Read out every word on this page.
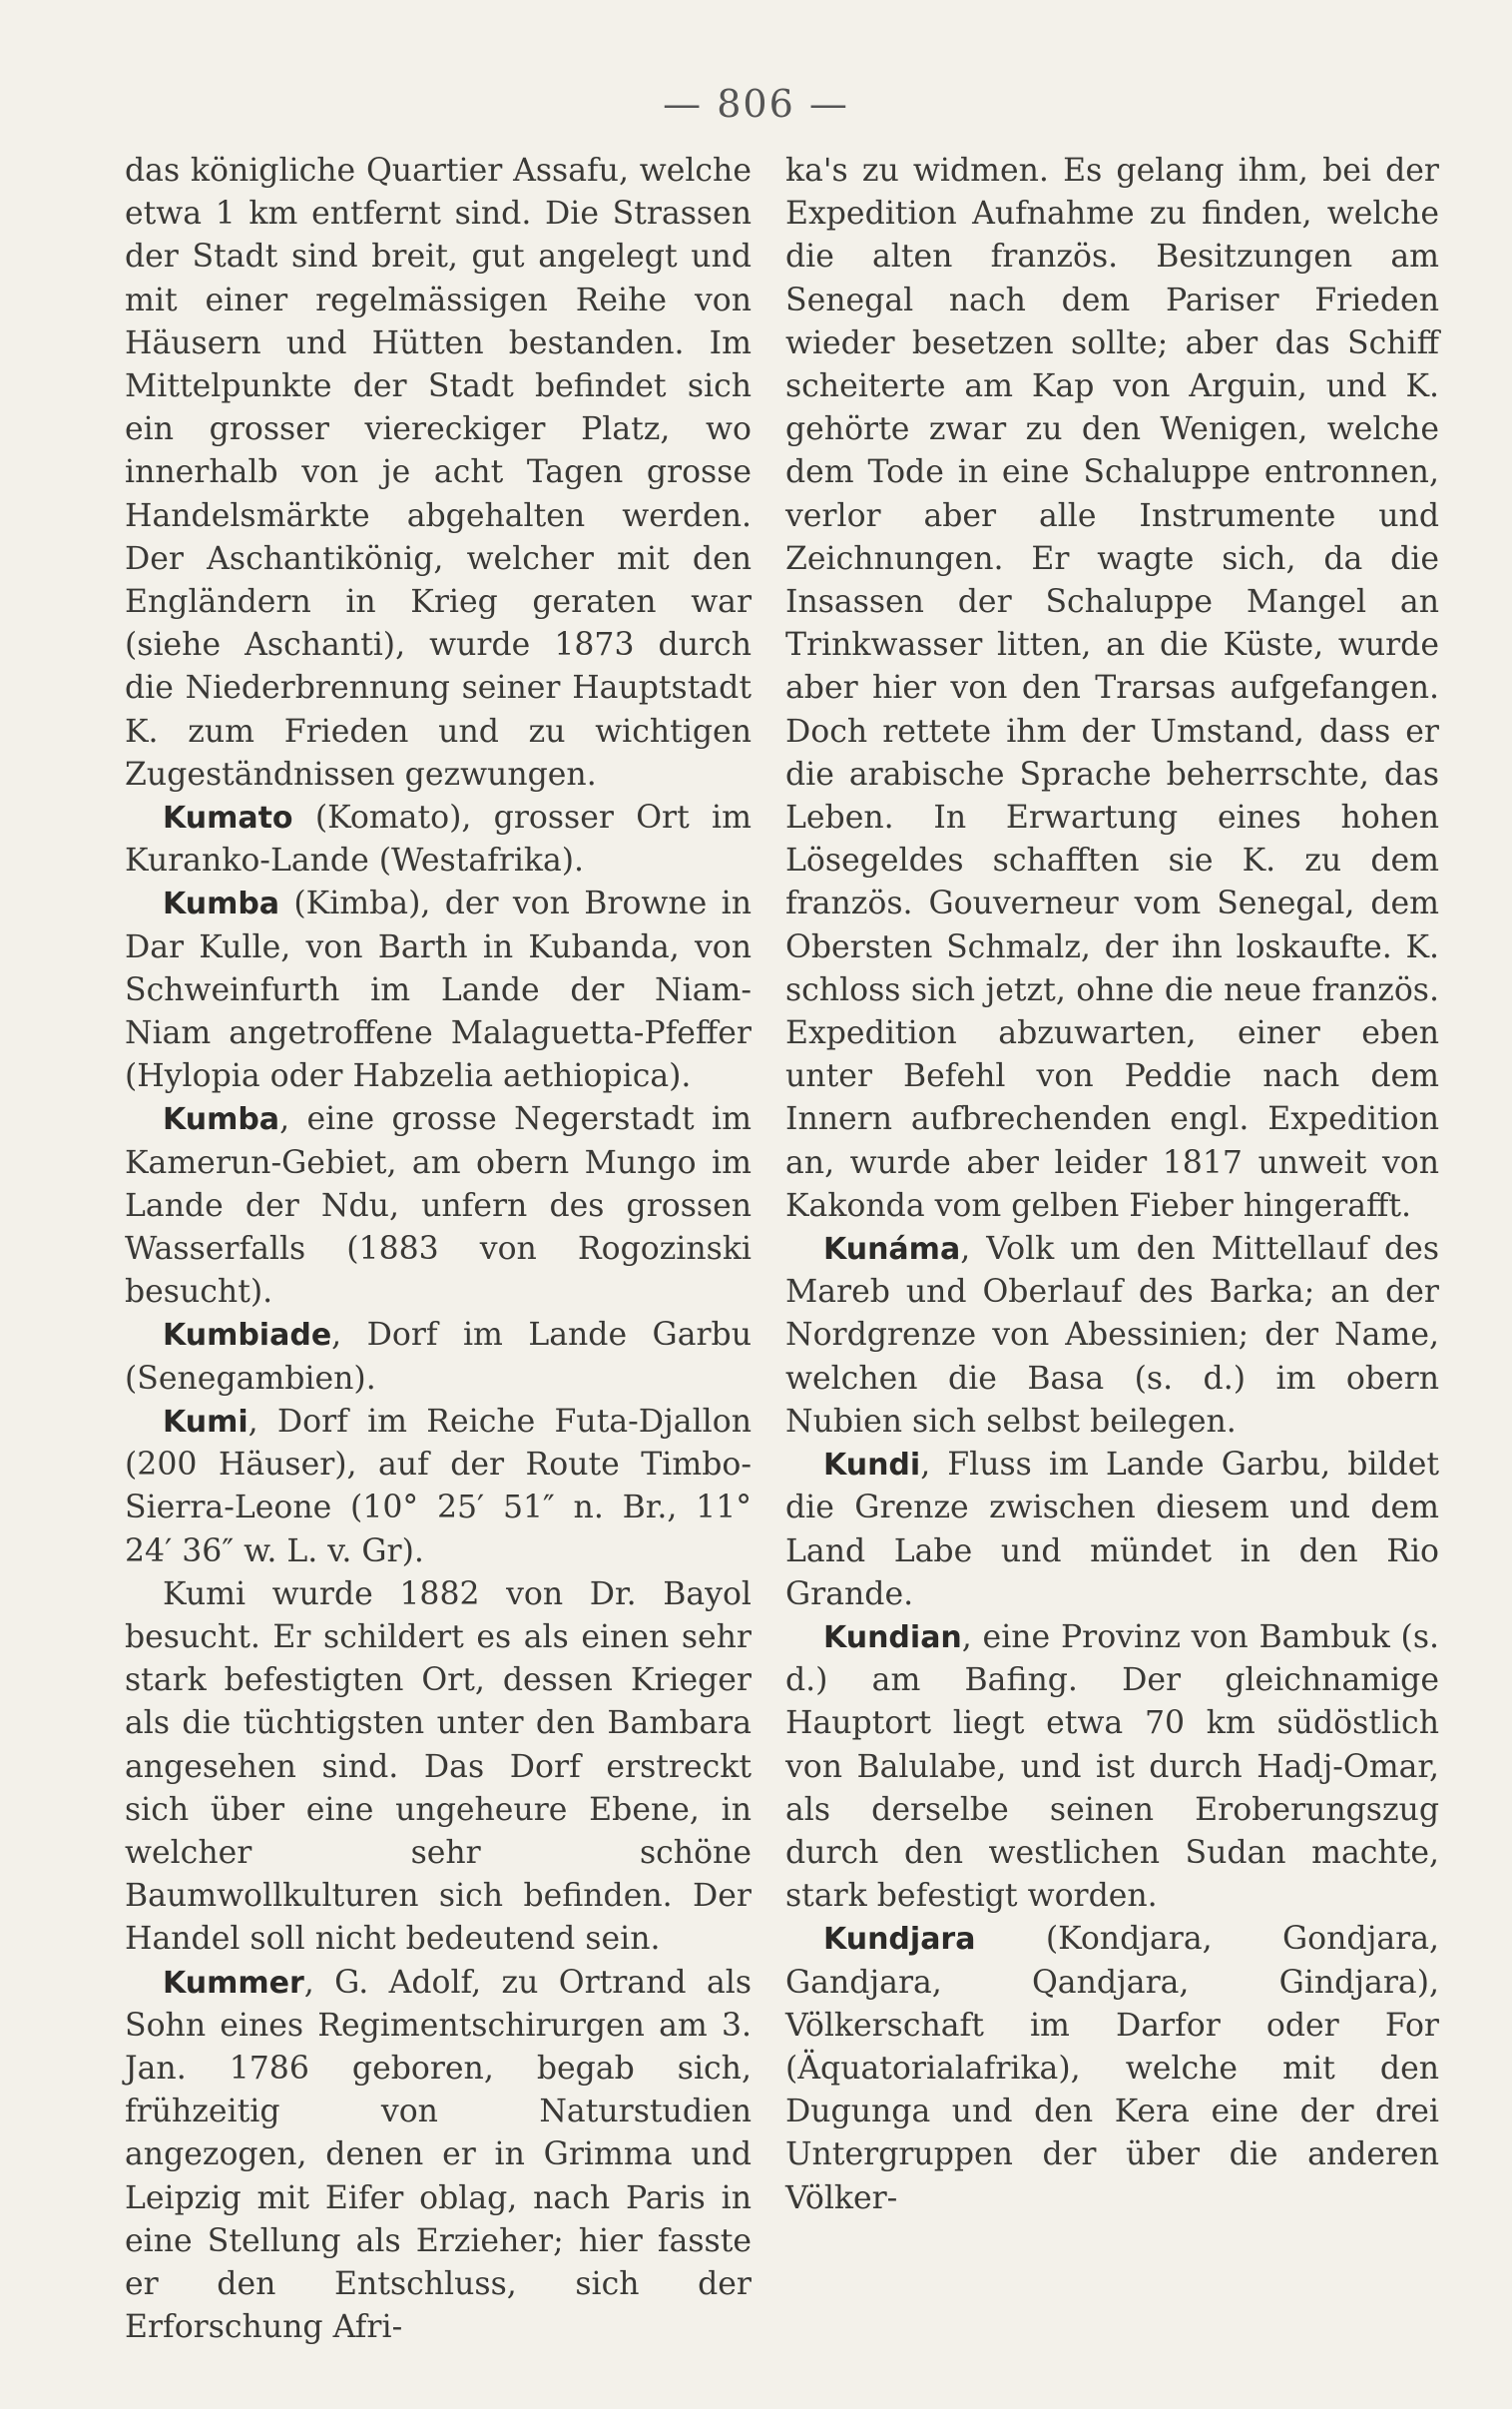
— 806 —

das königliche Quartier Assafu, welche etwa 1 km entfernt sind. Die Strassen der Stadt sind breit, gut angelegt und mit einer regelmässigen Reihe von Häusern und Hütten bestanden. Im Mittelpunkte der Stadt befindet sich ein grosser viereckiger Platz, wo innerhalb von je acht Tagen grosse Handelsmärkte abgehalten werden. Der Aschantikönig, welcher mit den Engländern in Krieg geraten war (siehe Aschanti), wurde 1873 durch die Niederbrennung seiner Hauptstadt K. zum Frieden und zu wichtigen Zugeständnissen gezwungen.

Kumato (Komato), grosser Ort im Kuranko-Lande (Westafrika).

Kumba (Kimba), der von Browne in Dar Kulle, von Barth in Kubanda, von Schweinfurth im Lande der Niam-Niam angetroffene Malaguetta-Pfeffer (Hylopia oder Habzelia aethiopica).

Kumba, eine grosse Negerstadt im Kamerun-Gebiet, am obern Mungo im Lande der Ndu, unfern des grossen Wasserfalls (1883 von Rogozinski besucht).

Kumbiade, Dorf im Lande Garbu (Senegambien).

Kumi, Dorf im Reiche Futa-Djallon (200 Häuser), auf der Route Timbo-Sierra-Leone (10° 25′ 51″ n. Br., 11° 24′ 36″ w. L. v. Gr).

Kumi wurde 1882 von Dr. Bayol besucht. Er schildert es als einen sehr stark befestigten Ort, dessen Krieger als die tüchtigsten unter den Bambara angesehen sind. Das Dorf erstreckt sich über eine ungeheure Ebene, in welcher sehr schöne Baumwollkulturen sich befinden. Der Handel soll nicht bedeutend sein.

Kummer, G. Adolf, zu Ortrand als Sohn eines Regimentschirurgen am 3. Jan. 1786 geboren, begab sich, frühzeitig von Naturstudien angezogen, denen er in Grimma und Leipzig mit Eifer oblag, nach Paris in eine Stellung als Erzieher; hier fasste er den Entschluss, sich der Erforschung Afri-

ka's zu widmen. Es gelang ihm, bei der Expedition Aufnahme zu finden, welche die alten französ. Besitzungen am Senegal nach dem Pariser Frieden wieder besetzen sollte; aber das Schiff scheiterte am Kap von Arguin, und K. gehörte zwar zu den Wenigen, welche dem Tode in eine Schaluppe entronnen, verlor aber alle Instrumente und Zeichnungen. Er wagte sich, da die Insassen der Schaluppe Mangel an Trinkwasser litten, an die Küste, wurde aber hier von den Trarsas aufgefangen. Doch rettete ihm der Umstand, dass er die arabische Sprache beherrschte, das Leben. In Erwartung eines hohen Lösegeldes schafften sie K. zu dem französ. Gouverneur vom Senegal, dem Obersten Schmalz, der ihn loskaufte. K. schloss sich jetzt, ohne die neue französ. Expedition abzuwarten, einer eben unter Befehl von Peddie nach dem Innern aufbrechenden engl. Expedition an, wurde aber leider 1817 unweit von Kakonda vom gelben Fieber hingerafft.

Kunáma, Volk um den Mittellauf des Mareb und Oberlauf des Barka; an der Nordgrenze von Abessinien; der Name, welchen die Basa (s. d.) im obern Nubien sich selbst beilegen.

Kundi, Fluss im Lande Garbu, bildet die Grenze zwischen diesem und dem Land Labe und mündet in den Rio Grande.

Kundian, eine Provinz von Bambuk (s. d.) am Bafing. Der gleichnamige Hauptort liegt etwa 70 km südöstlich von Balulabe, und ist durch Hadj-Omar, als derselbe seinen Eroberungszug durch den westlichen Sudan machte, stark befestigt worden.

Kundjara (Kondjara, Gondjara, Gandjara, Qandjara, Gindjara), Völkerschaft im Darfor oder For (Äquatorialafrika), welche mit den Dugunga und den Kera eine der drei Untergruppen der über die anderen Völker-
